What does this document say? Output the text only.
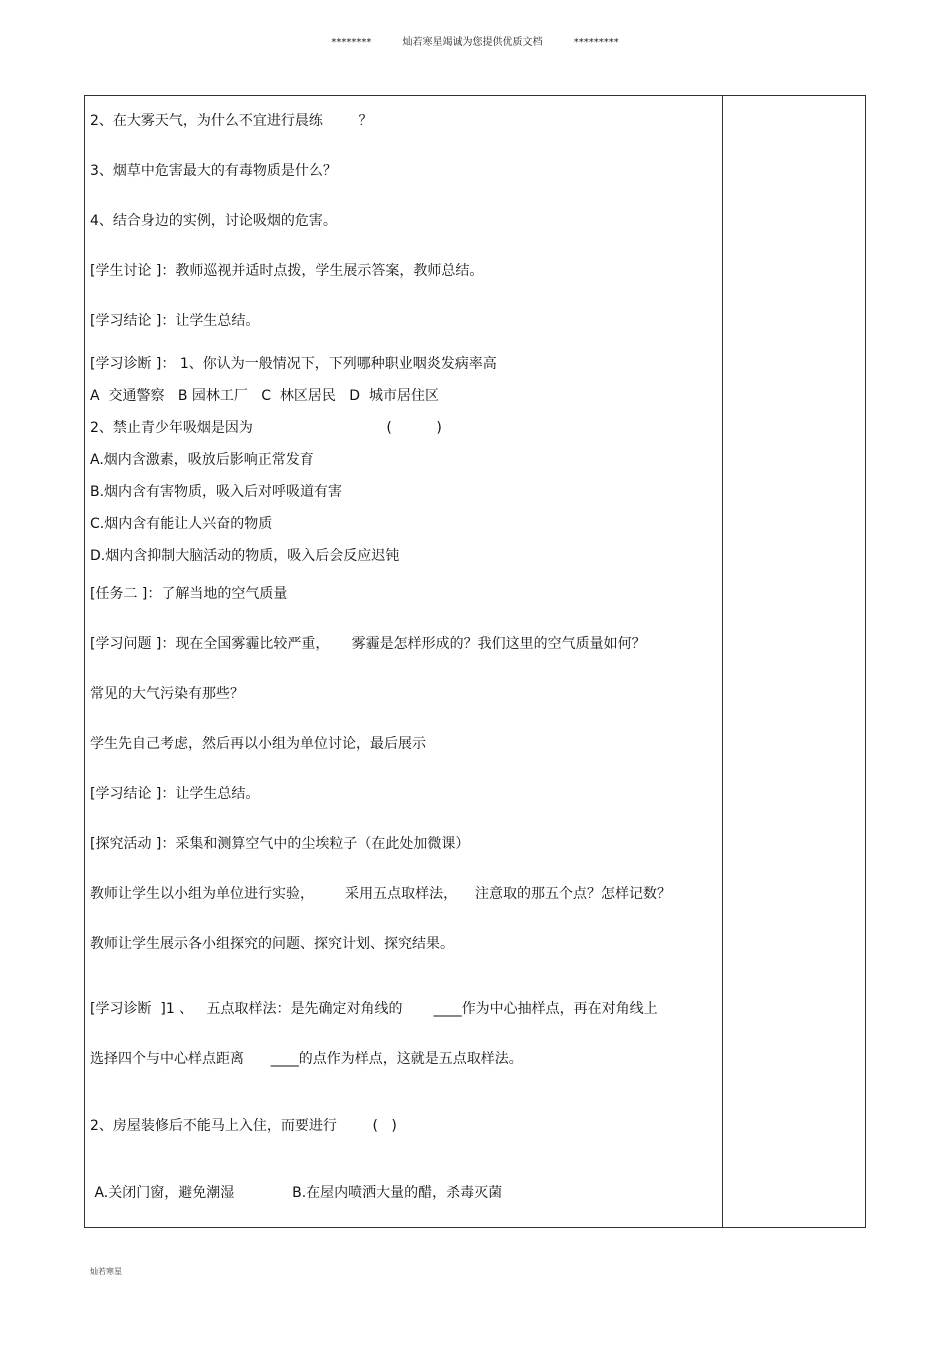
********	灿若寒星竭诚为您提供优质文档	*********
2、在大雾天气，为什么不宜进行晨练        ？
3、烟草中危害最大的有毒物质是什么？
4、结合身边的实例，讨论吸烟的危害。
[学生讨论 ]：教师巡视并适时点拨，学生展示答案，教师总结。
[学习结论 ]：让学生总结。
[学习诊断 ]： 1、你认为一般情况下，下列哪种职业咽炎发病率高
A  交通警察   B 园林工厂   C  林区居民   D  城市居住区
2、禁止青少年吸烟是因为                              (          )
A.烟内含激素，吸放后影响正常发育
B.烟内含有害物质，吸入后对呼吸道有害
C.烟内含有能让人兴奋的物质
D.烟内含抑制大脑活动的物质，吸入后会反应迟钝
[任务二 ]：了解当地的空气质量
[学习问题 ]：现在全国雾霾比较严重，     雾霾是怎样形成的？我们这里的空气质量如何？
常见的大气污染有那些？
学生先自己考虑，然后再以小组为单位讨论，最后展示
[学习结论 ]：让学生总结。
[探究活动 ]：采集和测算空气中的尘埃粒子（在此处加微课）
教师让学生以小组为单位进行实验，       采用五点取样法，    注意取的那五个点？怎样记数？
教师让学生展示各小组探究的问题、探究计划、探究结果。
[学习诊断  ]1 、   五点取样法：是先确定对角线的       ____作为中心抽样点，再在对角线上
选择四个与中心样点距离      ____的点作为样点，这就是五点取样法。
2、房屋装修后不能马上入住，而要进行        (   )
A.关闭门窗，避免潮湿             B.在屋内喷洒大量的醋，杀毒灭菌
灿若寒星
